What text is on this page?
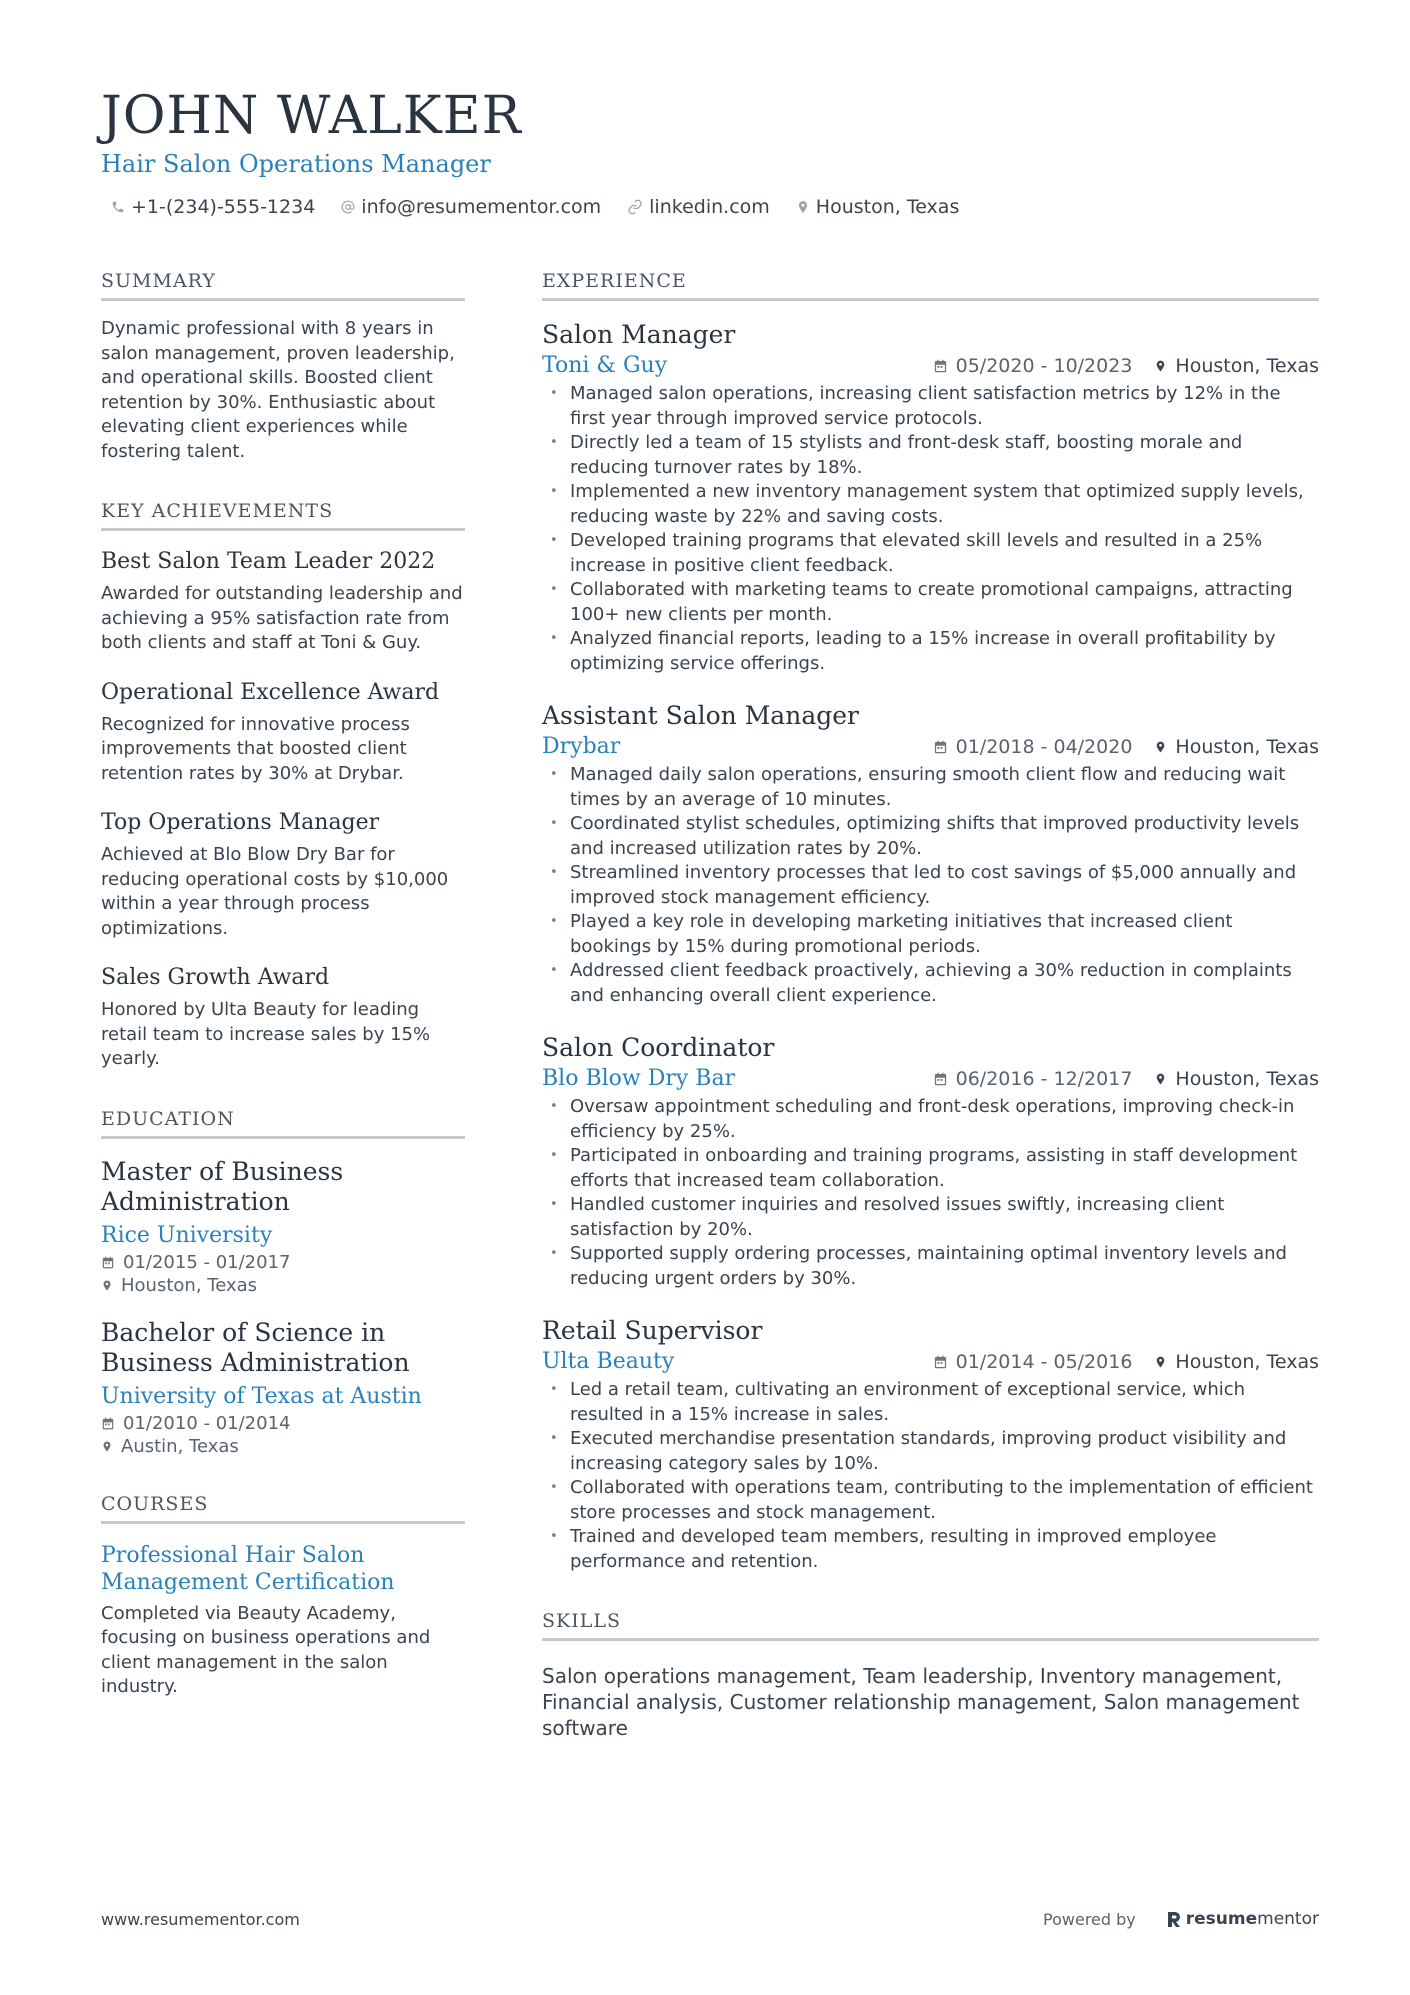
JOHN WALKER
Hair Salon Operations Manager
+1-(234)-555-1234 info@resumementor.com	linkedin.com Houston, Texas
SUMMARY
Dynamic professional with 8 years in salon management, proven leadership, and operational skills. Boosted client retention by 30%. Enthusiastic about elevating client experiences while fostering talent.
KEY ACHIEVEMENTS
Best Salon Team Leader 2022
Awarded for outstanding leadership and achieving a 95% satisfaction rate from both clients and staff at Toni & Guy.
Operational Excellence Award
Recognized for innovative process improvements that boosted client retention rates by 30% at Drybar.
Top Operations Manager
Achieved at Blo Blow Dry Bar for reducing operational costs by $10,000 within a year through process optimizations.
Sales Growth Award
Honored by Ulta Beauty for leading retail team to increase sales by 15% yearly.
EDUCATION
Master of Business Administration
Rice University
01/2015 - 01/2017
Houston, Texas
Bachelor of Science in Business Administration
University of Texas at Austin
01/2010 - 01/2014
Austin, Texas
COURSES
Professional Hair Salon Management Certification
Completed via Beauty Academy, focusing on business operations and client management in the salon industry.
EXPERIENCE
Salon Manager
Toni & Guy	05/2020 - 10/2023 Houston, Texas
• Managed salon operations, increasing client satisfaction metrics by 12% in the first year through improved service protocols.
• Directly led a team of 15 stylists and front-desk staff, boosting morale and reducing turnover rates by 18%.
• Implemented a new inventory management system that optimized supply levels, reducing waste by 22% and saving costs.
• Developed training programs that elevated skill levels and resulted in a 25% increase in positive client feedback.
• Collaborated with marketing teams to create promotional campaigns, attracting 100+ new clients per month.
• Analyzed financial reports, leading to a 15% increase in overall profitability by optimizing service offerings.
Assistant Salon Manager
Drybar	01/2018 - 04/2020 Houston, Texas
• Managed daily salon operations, ensuring smooth client flow and reducing wait times by an average of 10 minutes.
• Coordinated stylist schedules, optimizing shifts that improved productivity levels and increased utilization rates by 20%.
• Streamlined inventory processes that led to cost savings of $5,000 annually and improved stock management efficiency.
• Played a key role in developing marketing initiatives that increased client bookings by 15% during promotional periods.
• Addressed client feedback proactively, achieving a 30% reduction in complaints and enhancing overall client experience.
Salon Coordinator
Blo Blow Dry Bar	06/2016 - 12/2017 Houston, Texas
• Oversaw appointment scheduling and front-desk operations, improving check-in efficiency by 25%.
• Participated in onboarding and training programs, assisting in staff development efforts that increased team collaboration.
• Handled customer inquiries and resolved issues swiftly, increasing client satisfaction by 20%.
• Supported supply ordering processes, maintaining optimal inventory levels and reducing urgent orders by 30%.
Retail Supervisor
Ulta Beauty	01/2014 - 05/2016 Houston, Texas
• Led a retail team, cultivating an environment of exceptional service, which resulted in a 15% increase in sales.
• Executed merchandise presentation standards, improving product visibility and increasing category sales by 10%.
• Collaborated with operations team, contributing to the implementation of efficient store processes and stock management.
• Trained and developed team members, resulting in improved employee performance and retention.
SKILLS
Salon operations management, Team leadership, Inventory management, Financial analysis, Customer relationship management, Salon management software
www.resumementor.com	Powered by	resume mentor
